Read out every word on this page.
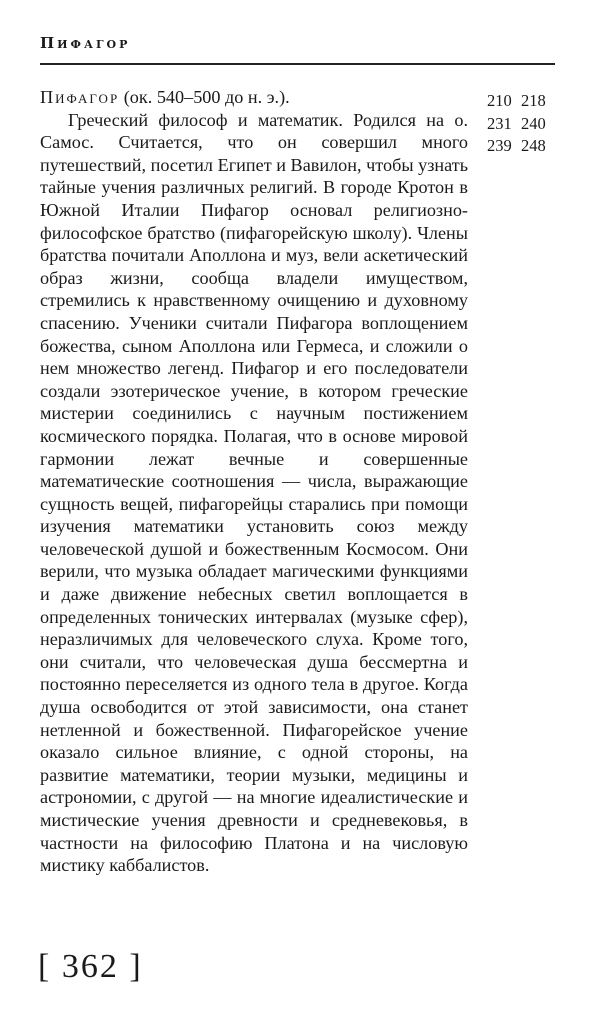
Пифагор

Пифагор (ок. 540–500 до н. э.).

Греческий философ и математик. Родился на о. Самос. Считается, что он совершил много путешествий, посетил Египет и Вавилон, чтобы узнать тайные учения различных религий. В городе Кротон в Южной Италии Пифагор основал религиозно-философское братство (пифагорейскую школу). Члены братства почитали Аполлона и муз, вели аскетический образ жизни, сообща владели имуществом, стремились к нравственному очищению и духовному спасению. Ученики считали Пифагора воплощением божества, сыном Аполлона или Гермеса, и сложили о нем множество легенд. Пифагор и его последователи создали эзотерическое учение, в котором греческие мистерии соединились с научным постижением космического порядка. Полагая, что в основе мировой гармонии лежат вечные и совершенные математические соотношения — числа, выражающие сущность вещей, пифагорейцы старались при помощи изучения математики установить союз между человеческой душой и божественным Космосом. Они верили, что музыка обладает магическими функциями и даже движение небесных светил воплощается в определенных тонических интервалах (музыке сфер), неразличимых для человеческого слуха. Кроме того, они считали, что человеческая душа бессмертна и постоянно переселяется из одного тела в другое. Когда душа освободится от этой зависимости, она станет нетленной и божественной. Пифагорейское учение оказало сильное влияние, с одной стороны, на развитие математики, теории музыки, медицины и астрономии, с другой — на многие идеалистические и мистические учения древности и средневековья, в частности на философию Платона и на числовую мистику каббалистов.

210 218
231 240
239 248
[ 362 ]
